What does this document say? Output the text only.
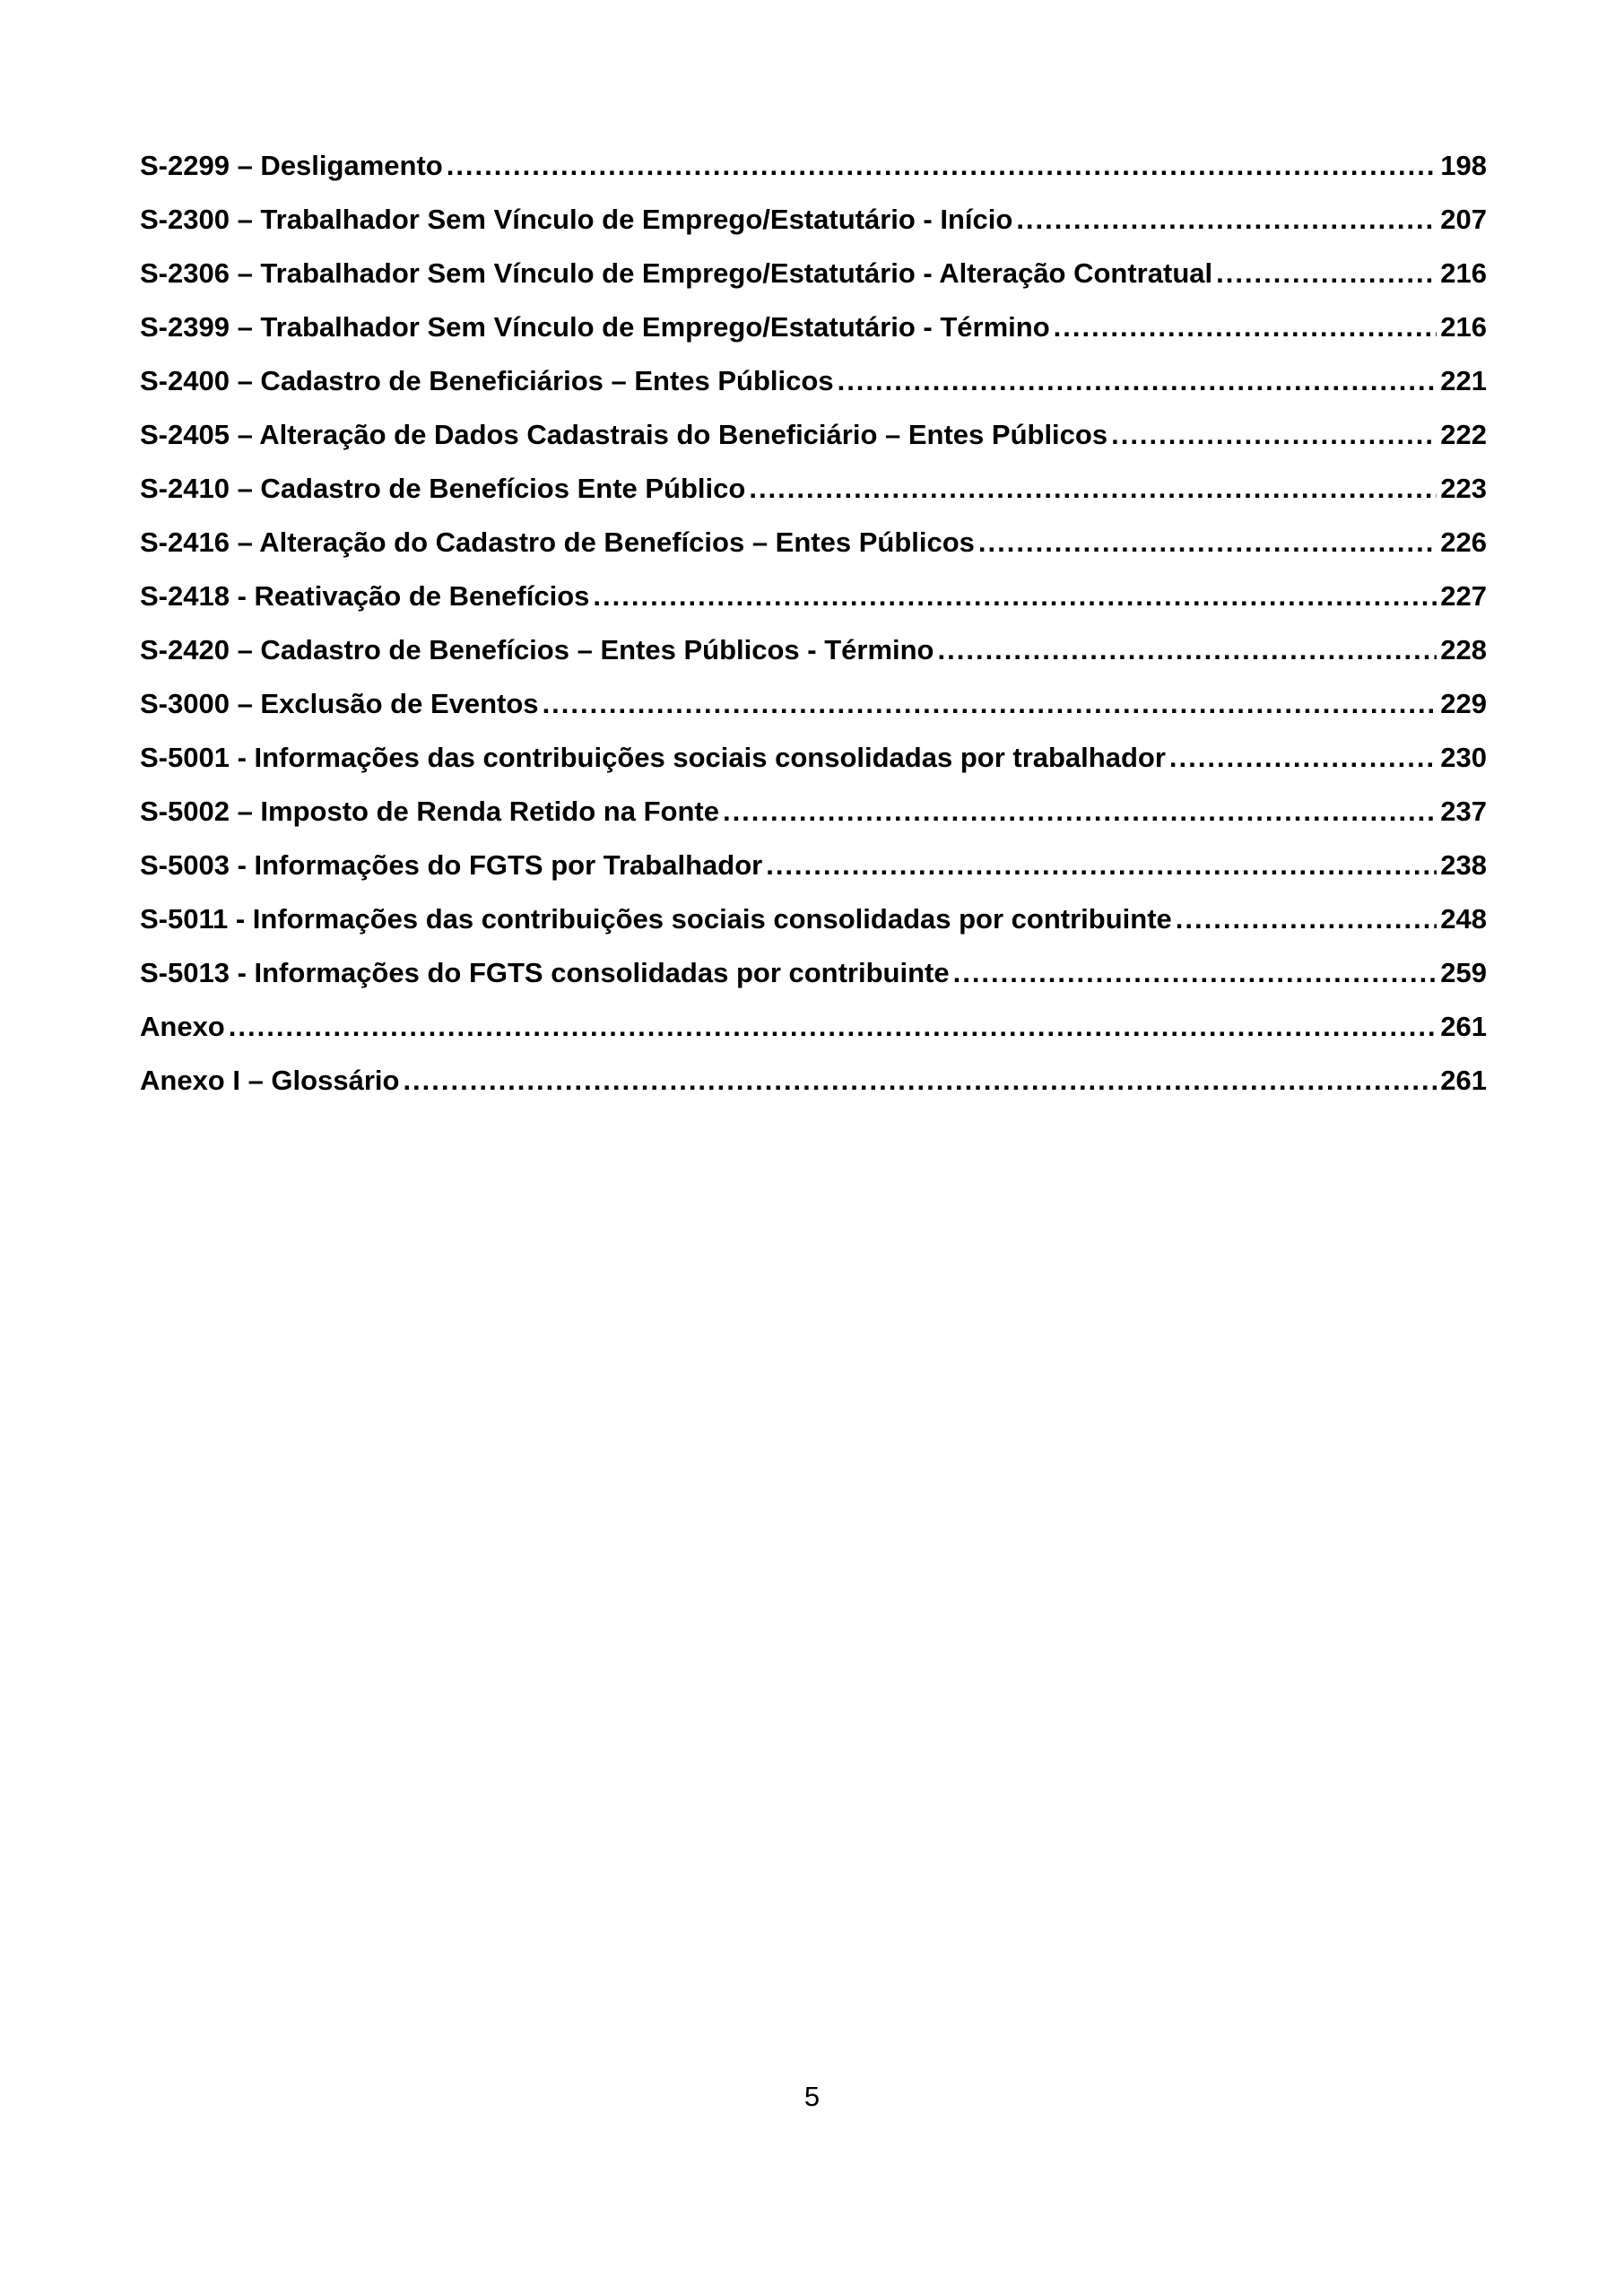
S-2299 – Desligamento .....	198
S-2300 – Trabalhador Sem Vínculo de Emprego/Estatutário - Início .....	207
S-2306 – Trabalhador Sem Vínculo de Emprego/Estatutário - Alteração Contratual .....	216
S-2399 – Trabalhador Sem Vínculo de Emprego/Estatutário - Término .....	216
S-2400 – Cadastro de Beneficiários – Entes Públicos .....	221
S-2405 – Alteração de Dados Cadastrais do Beneficiário – Entes Públicos .....	222
S-2410 – Cadastro de Benefícios Ente Público .....	223
S-2416 – Alteração do Cadastro de Benefícios – Entes Públicos .....	226
S-2418 - Reativação de Benefícios .....	227
S-2420 – Cadastro de Benefícios – Entes Públicos - Término .....	228
S-3000 – Exclusão de Eventos .....	229
S-5001 - Informações das contribuições sociais consolidadas por trabalhador .....	230
S-5002 – Imposto de Renda Retido na Fonte .....	237
S-5003 - Informações do FGTS por Trabalhador .....	238
S-5011 - Informações das contribuições sociais consolidadas por contribuinte .....	248
S-5013 - Informações do FGTS consolidadas por contribuinte .....	259
Anexo .....	261
Anexo I – Glossário .....	261
5
